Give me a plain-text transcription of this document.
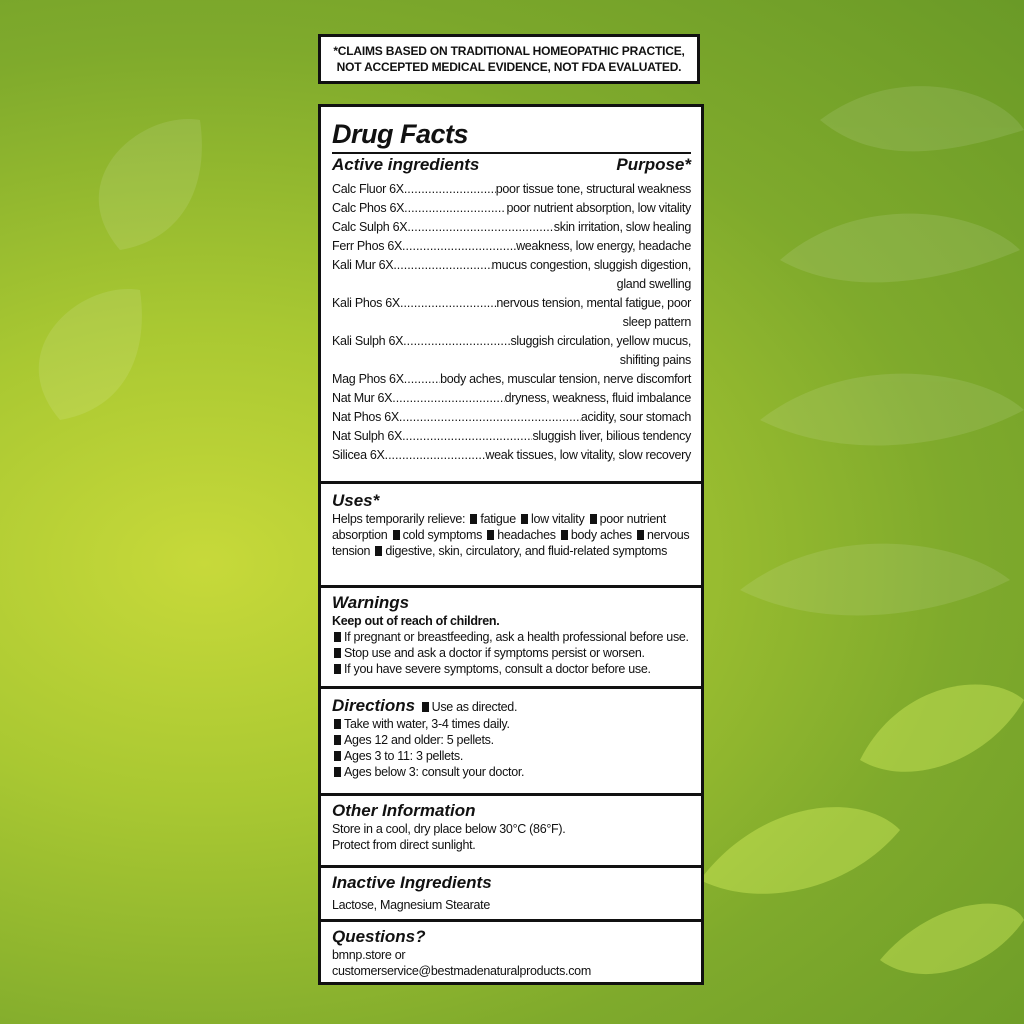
*CLAIMS BASED ON TRADITIONAL HOMEOPATHIC PRACTICE,
NOT ACCEPTED MEDICAL EVIDENCE, NOT FDA EVALUATED.
Drug Facts
Active ingredients	Purpose*
Calc Fluor 6X .....	poor tissue tone, structural weakness
Calc Phos 6X .....	poor nutrient absorption, low vitality
Calc Sulph 6X .....	skin irritation, slow healing
Ferr Phos 6X .....	weakness, low energy, headache
Kali Mur 6X .....	mucus congestion, sluggish digestion,
gland swelling
Kali Phos 6X .....	nervous tension, mental fatigue, poor
sleep pattern
Kali Sulph 6X .....	sluggish circulation, yellow mucus,
shifiting pains
Mag Phos 6X .....	body aches, muscular tension, nerve discomfort
Nat Mur 6X .....	dryness, weakness, fluid imbalance
Nat Phos 6X .....	acidity, sour stomach
Nat Sulph 6X .....	sluggish liver, bilious tendency
Silicea 6X .....	weak tissues, low vitality, slow recovery
Uses*
Helps temporarily relieve: fatigue low vitality poor nutrient absorption cold symptoms headaches body aches nervous tension digestive, skin, circulatory, and fluid-related symptoms
Warnings
Keep out of reach of children.
If pregnant or breastfeeding, ask a health professional before use.
Stop use and ask a doctor if symptoms persist or worsen.
If you have severe symptoms, consult a doctor before use.
Directions Use as directed.
Take with water, 3-4 times daily.
Ages 12 and older: 5 pellets.
Ages 3 to 11: 3 pellets.
Ages below 3: consult your doctor.
Other Information
Store in a cool, dry place below 30°C (86°F).
Protect from direct sunlight.
Inactive Ingredients
Lactose, Magnesium Stearate
Questions?
bmnp.store or
customerservice@bestmadenaturalproducts.com
